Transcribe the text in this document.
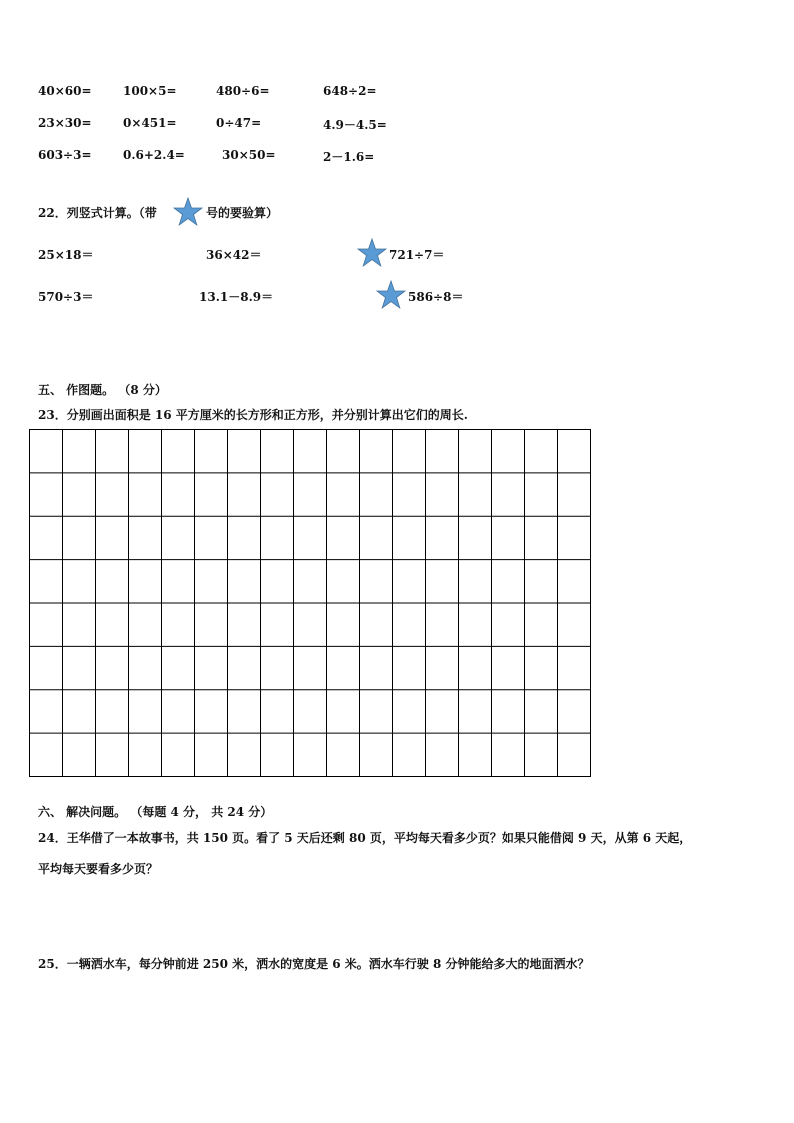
40×60=	100×5=	480÷6=	648÷2=
23×30=	0×451=	0÷47=	4.9－4.5=
603÷3=	0.6+2.4=	30×50=	2－1.6=
22．列竖式计算。（带	号的要验算）
25×18＝	36×42＝	721÷7＝
570÷3＝	13.1－8.9＝	586÷8＝
五、 作图题。 （8 分）
23．分别画出面积是 16 平方厘米的长方形和正方形，并分别计算出它们的周长.
六、 解决问题。 （每题 4 分， 共 24 分）
24．王华借了一本故事书，共 150 页。看了 5 天后还剩 80 页，平均每天看多少页？如果只能借阅 9 天，从第 6 天起，
平均每天要看多少页？
25．一辆洒水车，每分钟前进 250 米，洒水的宽度是 6 米。洒水车行驶 8 分钟能给多大的地面洒水？
